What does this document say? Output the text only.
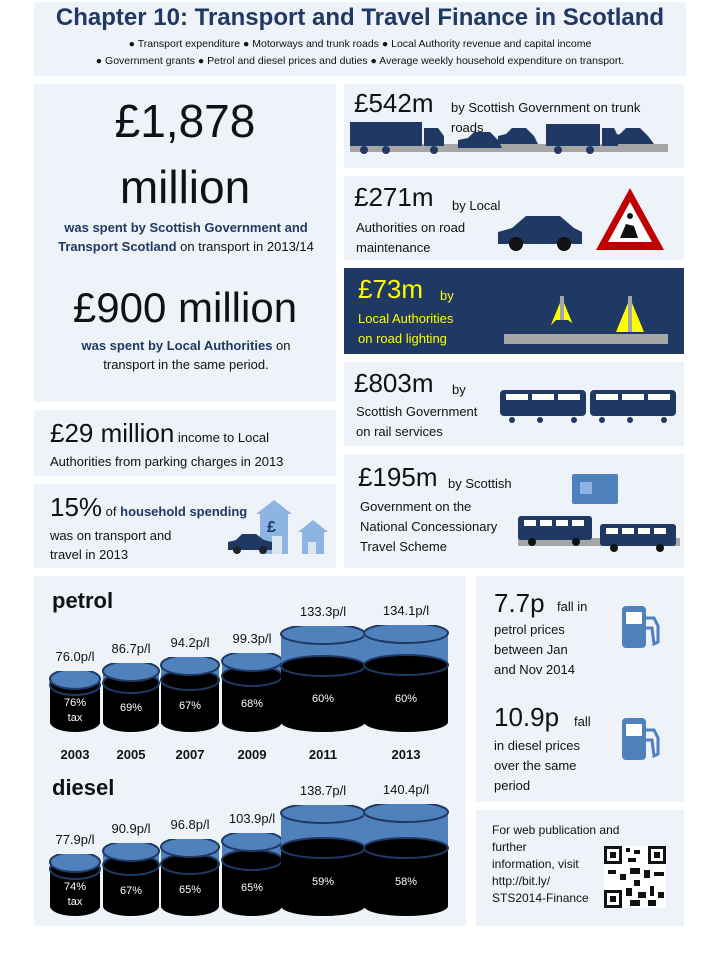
Chapter 10: Transport and Travel Finance in Scotland
● Transport expenditure ● Motorways and trunk roads ● Local Authority revenue and capital income
● Government grants ● Petrol and diesel prices and duties ● Average weekly household expenditure on transport.
£1,878
million
was spent by Scottish Government and Transport Scotland on transport in 2013/14
£900 million
was spent by Local Authorities on transport in the same period.
£29 million income to Local
Authorities from parking charges in 2013
15% of household spending
was on transport and
travel in 2013
£
£542m by Scottish Government on trunk
roads
£271m by Local
Authorities on road
maintenance
£73m by
Local Authorities
on road lighting
£803m by
Scottish Government
on rail services
£195m by Scottish
Government on the
National Concessionary
Travel Scheme
petrol
diesel
2003	2005	2007	2009	2011	2013
76.0p/l
76%
tax
86.7p/l
69%
94.2p/l
67%
99.3p/l
68%
133.3p/l
60%
134.1p/l
60%
77.9p/l
74%
tax
90.9p/l
67%
96.8p/l
65%
103.9p/l
65%
138.7p/l
59%
140.4p/l
58%
7.7p fall in
petrol prices
between Jan
and Nov 2014
10.9p fall
in diesel prices
over the same
period
For web publication and
further
information, visit
http://bit.ly/
STS2014-Finance
